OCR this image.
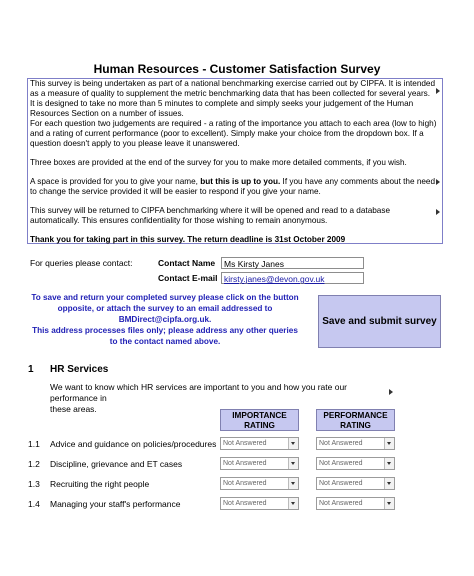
Human Resources - Customer Satisfaction Survey

This survey is being undertaken as part of a national benchmarking exercise carried out by CIPFA. It is intended

as a measure of quality to supplement the metric benchmarking data that has been collected for several years.

It is designed to take no more than 5 minutes to complete and simply seeks your judgement of the Human

Resources Section on a number of issues.

For each question two judgements are required - a rating of the importance you attach to each area (low to high)

and a rating of current performance (poor to excellent). Simply make your choice from the dropdown box. If a

question doesn't apply to you please leave it unanswered.

Three boxes are provided at the end of the survey for you to make more detailed comments, if you wish.

A space is provided for you to give your name, but this is up to you. If you have any comments about the need

to change the service provided it will be easier to respond if you give your name.

This survey will be returned to CIPFA benchmarking where it will be opened and read to a database

automatically. This ensures confidentiality for those wishing to remain anonymous.

Thank you for taking part in this survey. The return deadline is 31st October 2009

For queries please contact:	Contact Name	Ms Kirsty Janes
Contact E-mail kirsty.janes@devon.gov.uk
To save and return your completed survey please click on the button
opposite, or attach the survey to an email addressed to
BMDirect@cipfa.org.uk.
This address processes files only; please address any other queries
to the contact named above.
Save and submit survey
1 HR Services
We want to know which HR services are important to you and how you rate our performance in
these areas.
IMPORTANCE
RATING
PERFORMANCE
RATING
1.1 Advice and guidance on policies/procedures Not Answered	Not Answered
1.2 Discipline, grievance and ET cases	Not Answered	Not Answered
1.3 Recruiting the right people	Not Answered	Not Answered
1.4 Managing your staff's performance	Not Answered	Not Answered
